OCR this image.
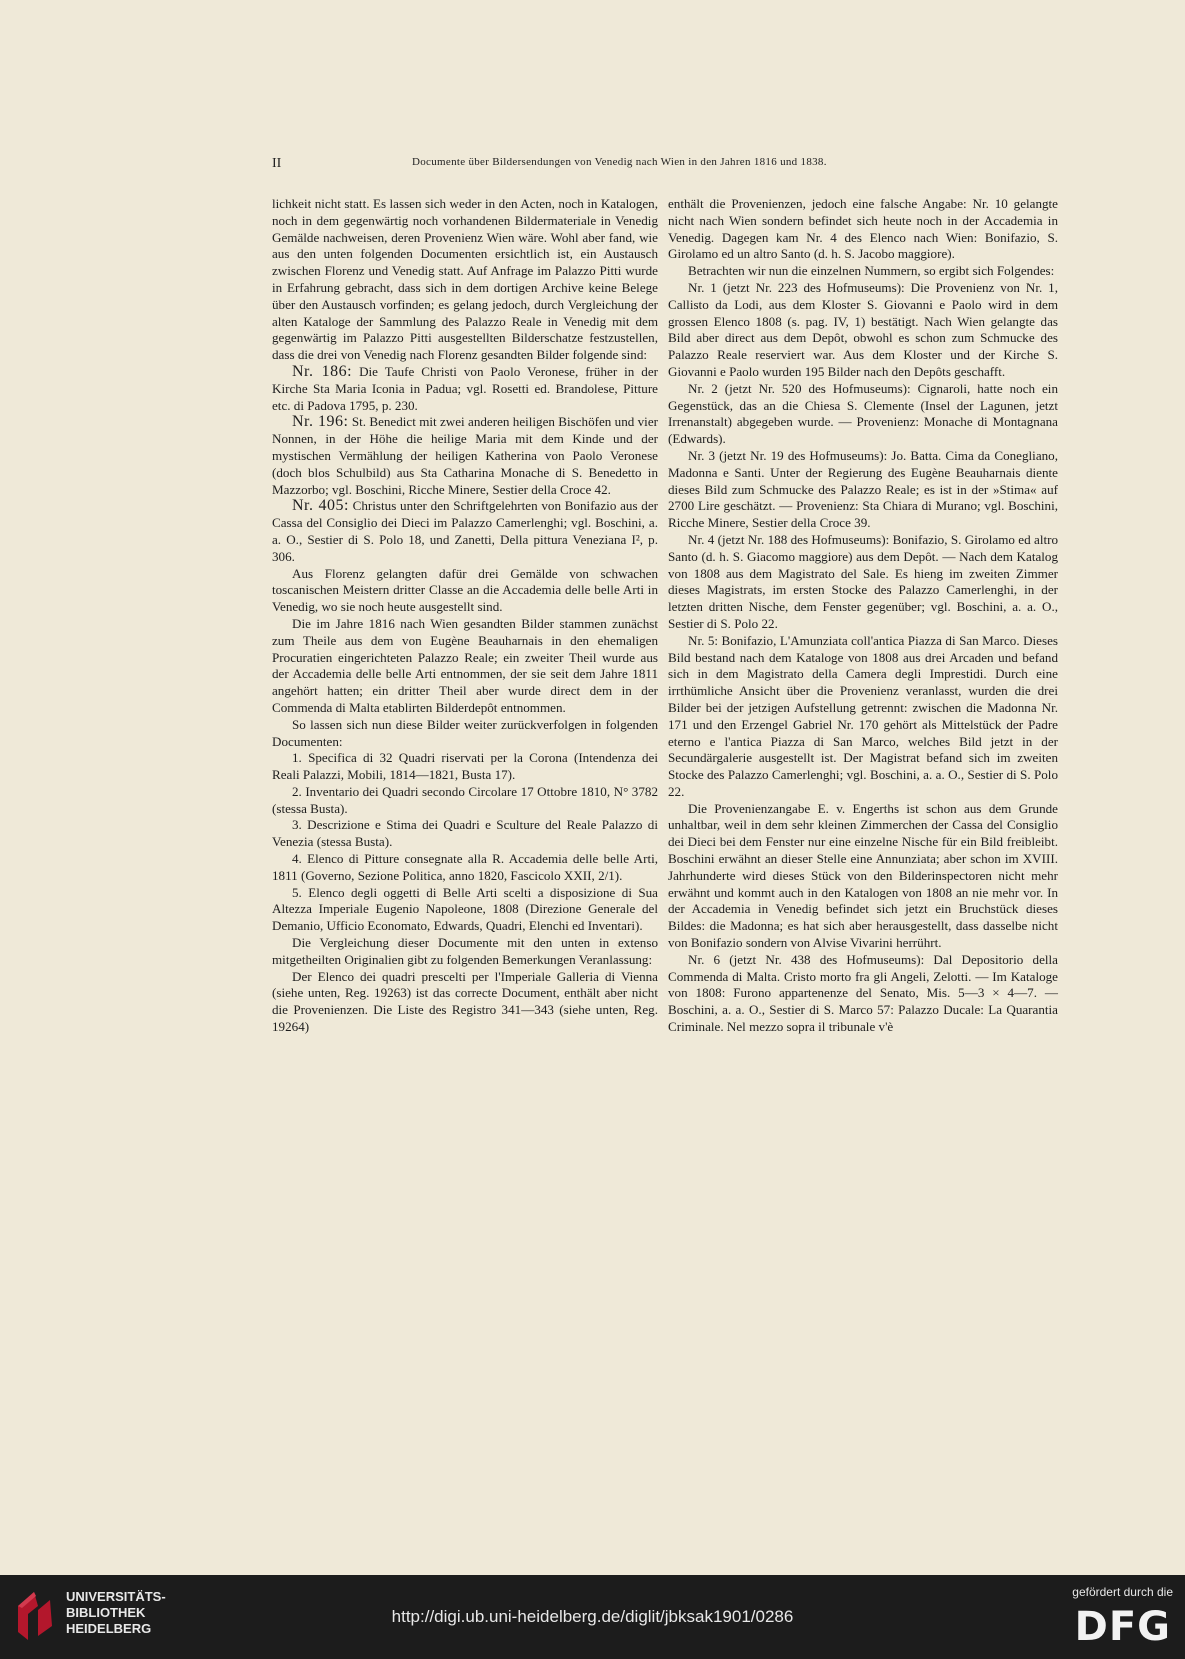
II	Documente über Bildersendungen von Venedig nach Wien in den Jahren 1816 und 1838.

lichkeit nicht statt. Es lassen sich weder in den Acten, noch in Katalogen, noch in dem gegenwärtig noch vorhandenen Bildermateriale in Venedig Gemälde nachweisen, deren Provenienz Wien wäre. Wohl aber fand, wie aus den unten folgenden Documenten ersichtlich ist, ein Austausch zwischen Florenz und Venedig statt. Auf Anfrage im Palazzo Pitti wurde in Erfahrung gebracht, dass sich in dem dortigen Archive keine Belege über den Austausch vorfinden; es gelang jedoch, durch Vergleichung der alten Kataloge der Sammlung des Palazzo Reale in Venedig mit dem gegenwärtig im Palazzo Pitti ausgestellten Bilderschatze festzustellen, dass die drei von Venedig nach Florenz gesandten Bilder folgende sind:

Nr. 186: Die Taufe Christi von Paolo Veronese, früher in der Kirche Sta Maria Iconia in Padua; vgl. Rosetti ed. Brandolese, Pitture etc. di Padova 1795, p. 230.

Nr. 196: St. Benedict mit zwei anderen heiligen Bischöfen und vier Nonnen, in der Höhe die heilige Maria mit dem Kinde und der mystischen Vermählung der heiligen Katherina von Paolo Veronese (doch blos Schulbild) aus Sta Catharina Monache di S. Benedetto in Mazzorbo; vgl. Boschini, Ricche Minere, Sestier della Croce 42.

Nr. 405: Christus unter den Schriftgelehrten von Bonifazio aus der Cassa del Consiglio dei Dieci im Palazzo Camerlenghi; vgl. Boschini, a. a. O., Sestier di S. Polo 18, und Zanetti, Della pittura Veneziana I², p. 306.

Aus Florenz gelangten dafür drei Gemälde von schwachen toscanischen Meistern dritter Classe an die Accademia delle belle Arti in Venedig, wo sie noch heute ausgestellt sind.

Die im Jahre 1816 nach Wien gesandten Bilder stammen zunächst zum Theile aus dem von Eugène Beauharnais in den ehemaligen Procuratien eingerichteten Palazzo Reale; ein zweiter Theil wurde aus der Accademia delle belle Arti entnommen, der sie seit dem Jahre 1811 angehört hatten; ein dritter Theil aber wurde direct dem in der Commenda di Malta etablirten Bilderdepôt entnommen.

So lassen sich nun diese Bilder weiter zurückverfolgen in folgenden Documenten:

1. Specifica di 32 Quadri riservati per la Corona (Intendenza dei Reali Palazzi, Mobili, 1814—1821, Busta 17).

2. Inventario dei Quadri secondo Circolare 17 Ottobre 1810, N° 3782 (stessa Busta).

3. Descrizione e Stima dei Quadri e Sculture del Reale Palazzo di Venezia (stessa Busta).

4. Elenco di Pitture consegnate alla R. Accademia delle belle Arti, 1811 (Governo, Sezione Politica, anno 1820, Fascicolo XXII, 2/1).

5. Elenco degli oggetti di Belle Arti scelti a disposizione di Sua Altezza Imperiale Eugenio Napoleone, 1808 (Direzione Generale del Demanio, Ufficio Economato, Edwards, Quadri, Elenchi ed Inventari).

Die Vergleichung dieser Documente mit den unten in extenso mitgetheilten Originalien gibt zu folgenden Bemerkungen Veranlassung:

Der Elenco dei quadri prescelti per l'Imperiale Galleria di Vienna (siehe unten, Reg. 19263) ist das correcte Document, enthält aber nicht die Provenienzen. Die Liste des Registro 341—343 (siehe unten, Reg. 19264)

enthält die Provenienzen, jedoch eine falsche Angabe: Nr. 10 gelangte nicht nach Wien sondern befindet sich heute noch in der Accademia in Venedig. Dagegen kam Nr. 4 des Elenco nach Wien: Bonifazio, S. Girolamo ed un altro Santo (d. h. S. Jacobo maggiore).

Betrachten wir nun die einzelnen Nummern, so ergibt sich Folgendes:

Nr. 1 (jetzt Nr. 223 des Hofmuseums): Die Provenienz von Nr. 1, Callisto da Lodi, aus dem Kloster S. Giovanni e Paolo wird in dem grossen Elenco 1808 (s. pag. IV, 1) bestätigt. Nach Wien gelangte das Bild aber direct aus dem Depôt, obwohl es schon zum Schmucke des Palazzo Reale reserviert war. Aus dem Kloster und der Kirche S. Giovanni e Paolo wurden 195 Bilder nach den Depôts geschafft.

Nr. 2 (jetzt Nr. 520 des Hofmuseums): Cignaroli, hatte noch ein Gegenstück, das an die Chiesa S. Clemente (Insel der Lagunen, jetzt Irrenanstalt) abgegeben wurde. — Provenienz: Monache di Montagnana (Edwards).

Nr. 3 (jetzt Nr. 19 des Hofmuseums): Jo. Batta. Cima da Conegliano, Madonna e Santi. Unter der Regierung des Eugène Beauharnais diente dieses Bild zum Schmucke des Palazzo Reale; es ist in der »Stima« auf 2700 Lire geschätzt. — Provenienz: Sta Chiara di Murano; vgl. Boschini, Ricche Minere, Sestier della Croce 39.

Nr. 4 (jetzt Nr. 188 des Hofmuseums): Bonifazio, S. Girolamo ed altro Santo (d. h. S. Giacomo maggiore) aus dem Depôt. — Nach dem Katalog von 1808 aus dem Magistrato del Sale. Es hieng im zweiten Zimmer dieses Magistrats, im ersten Stocke des Palazzo Camerlenghi, in der letzten dritten Nische, dem Fenster gegenüber; vgl. Boschini, a. a. O., Sestier di S. Polo 22.

Nr. 5: Bonifazio, L'Amunziata coll'antica Piazza di San Marco. Dieses Bild bestand nach dem Kataloge von 1808 aus drei Arcaden und befand sich in dem Magistrato della Camera degli Imprestidi. Durch eine irrthümliche Ansicht über die Provenienz veranlasst, wurden die drei Bilder bei der jetzigen Aufstellung getrennt: zwischen die Madonna Nr. 171 und den Erzengel Gabriel Nr. 170 gehört als Mittelstück der Padre eterno e l'antica Piazza di San Marco, welches Bild jetzt in der Secundärgalerie ausgestellt ist. Der Magistrat befand sich im zweiten Stocke des Palazzo Camerlenghi; vgl. Boschini, a. a. O., Sestier di S. Polo 22.

Die Provenienzangabe E. v. Engerths ist schon aus dem Grunde unhaltbar, weil in dem sehr kleinen Zimmerchen der Cassa del Consiglio dei Dieci bei dem Fenster nur eine einzelne Nische für ein Bild freibleibt. Boschini erwähnt an dieser Stelle eine Annunziata; aber schon im XVIII. Jahrhunderte wird dieses Stück von den Bilderinspectoren nicht mehr erwähnt und kommt auch in den Katalogen von 1808 an nie mehr vor. In der Accademia in Venedig befindet sich jetzt ein Bruchstück dieses Bildes: die Madonna; es hat sich aber herausgestellt, dass dasselbe nicht von Bonifazio sondern von Alvise Vivarini herrührt.

Nr. 6 (jetzt Nr. 438 des Hofmuseums): Dal Depositorio della Commenda di Malta. Cristo morto fra gli Angeli, Zelotti. — Im Kataloge von 1808: Furono appartenenze del Senato, Mis. 5—3 × 4—7. — Boschini, a. a. O., Sestier di S. Marco 57: Palazzo Ducale: La Quarantia Criminale. Nel mezzo sopra il tribunale v'è

UNIVERSITÄTS-
BIBLIOTHEK
HEIDELBERG
http://digi.ub.uni-heidelberg.de/diglit/jbksak1901/0286
gefördert durch die
DFG
